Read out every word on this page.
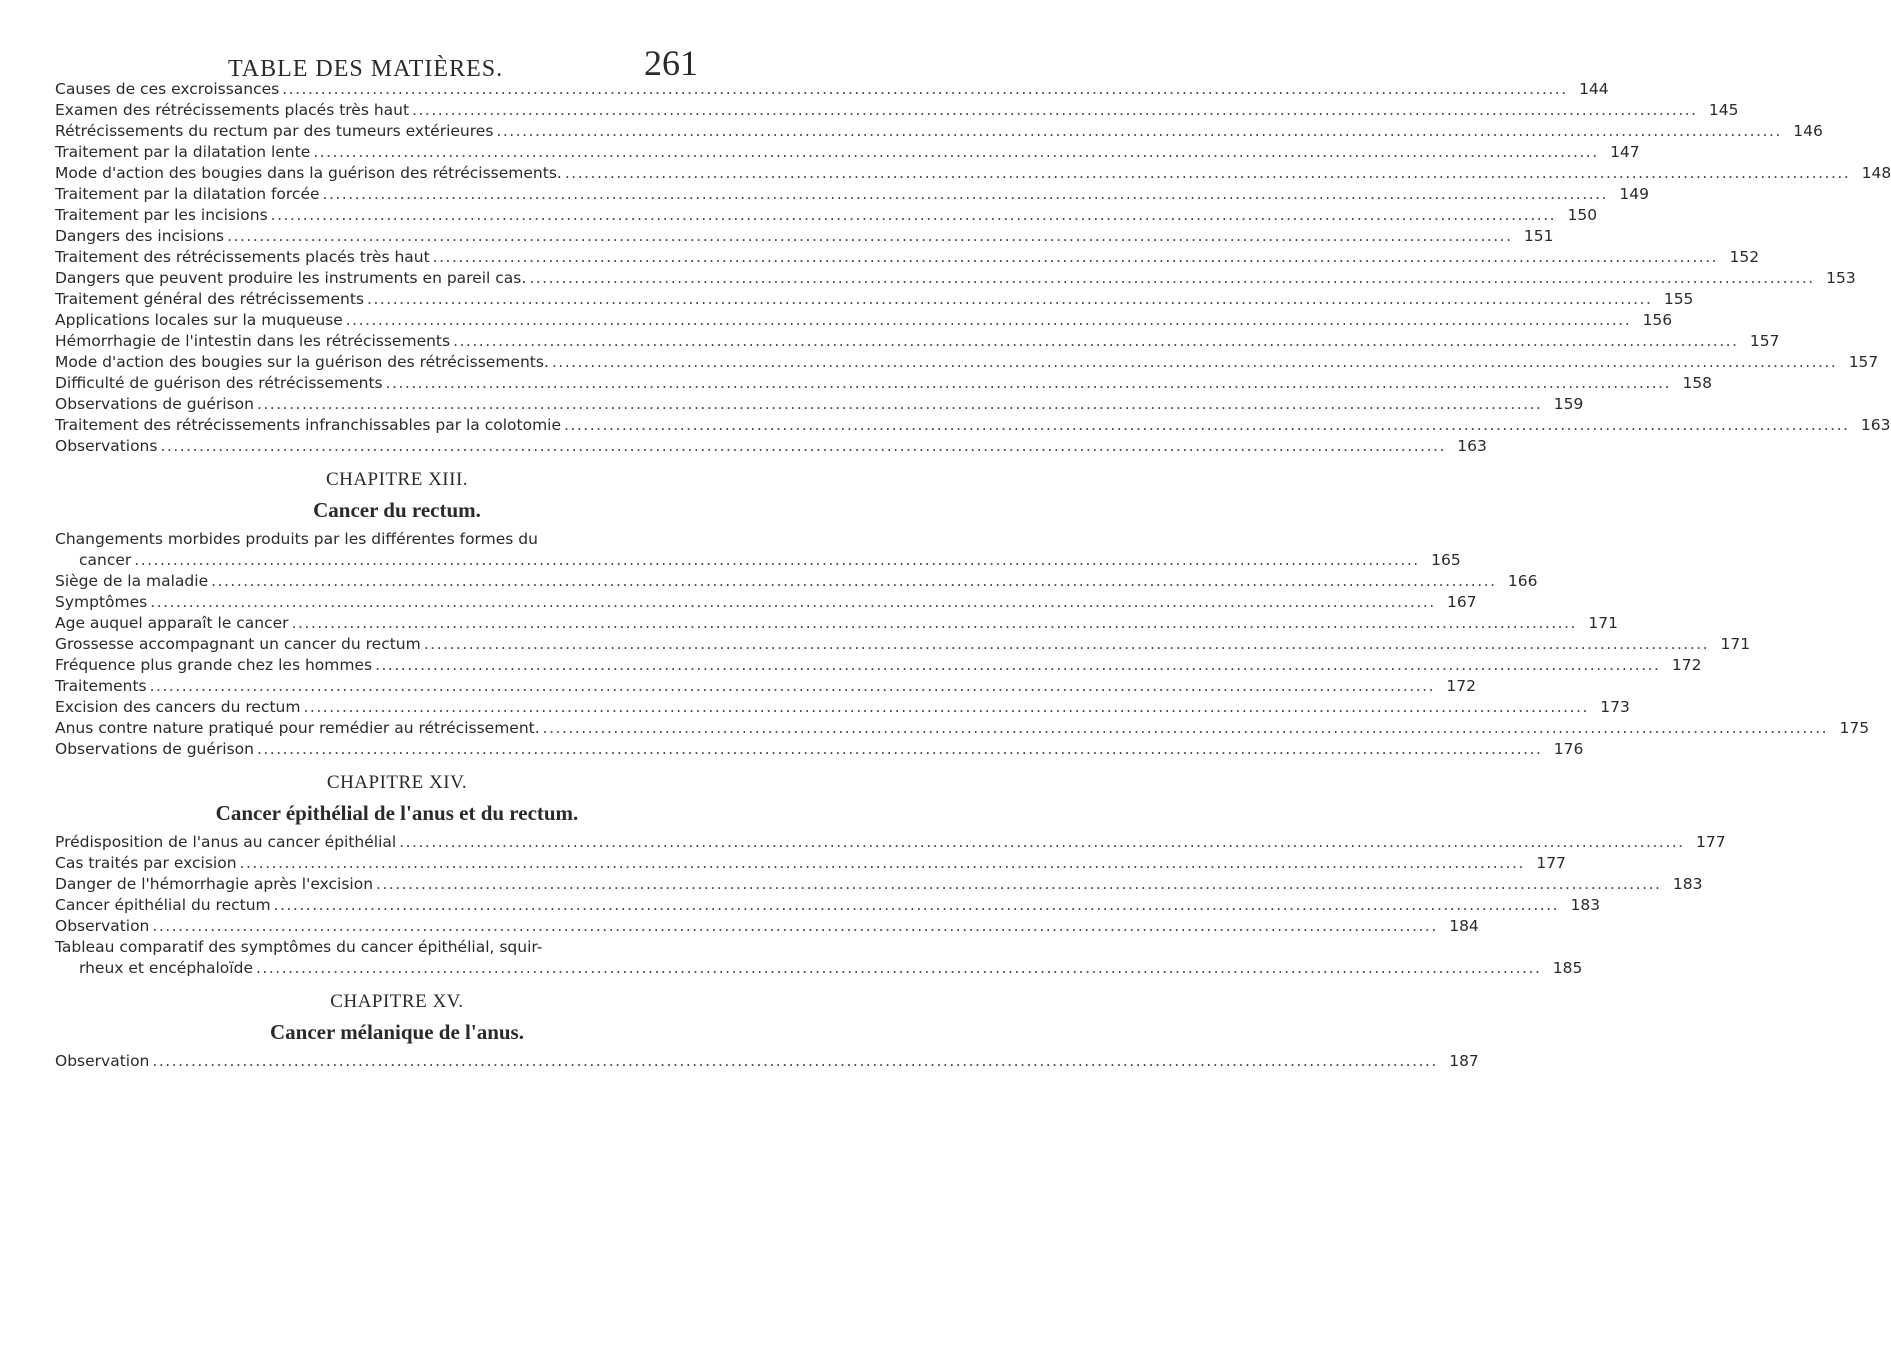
TABLE DES MATIÈRES.	261
Causes de ces excroissances ........................................................................................................................................................................................................ 144
Examen des rétrécissements placés très haut ........................................................................................................................................................................................................ 145
Rétrécissements du rectum par des tumeurs extérieures ........................................................................................................................................................................................................ 146
Traitement par la dilatation lente ........................................................................................................................................................................................................ 147
Mode d'action des bougies dans la guérison des rétrécissements. ........................................................................................................................................................................................................ 148
Traitement par la dilatation forcée ........................................................................................................................................................................................................ 149
Traitement par les incisions ........................................................................................................................................................................................................ 150
Dangers des incisions ........................................................................................................................................................................................................ 151
Traitement des rétrécissements placés très haut ........................................................................................................................................................................................................ 152
Dangers que peuvent produire les instruments en pareil cas. ........................................................................................................................................................................................................ 153
Traitement général des rétrécissements ........................................................................................................................................................................................................ 155
Applications locales sur la muqueuse ........................................................................................................................................................................................................ 156
Hémorrhagie de l'intestin dans les rétrécissements ........................................................................................................................................................................................................ 157
Mode d'action des bougies sur la guérison des rétrécissements. ........................................................................................................................................................................................................ 157
Difficulté de guérison des rétrécissements ........................................................................................................................................................................................................ 158
Observations de guérison ........................................................................................................................................................................................................ 159
Traitement des rétrécissements infranchissables par la colotomie ........................................................................................................................................................................................................ 163
Observations ........................................................................................................................................................................................................ 163
CHAPITRE XIII.
Cancer du rectum.
Changements morbides produits par les différentes formes du
cancer ........................................................................................................................................................................................................ 165
Siège de la maladie ........................................................................................................................................................................................................ 166
Symptômes ........................................................................................................................................................................................................ 167
Age auquel apparaît le cancer ........................................................................................................................................................................................................ 171
Grossesse accompagnant un cancer du rectum ........................................................................................................................................................................................................ 171
Fréquence plus grande chez les hommes ........................................................................................................................................................................................................ 172
Traitements ........................................................................................................................................................................................................ 172
Excision des cancers du rectum ........................................................................................................................................................................................................ 173
Anus contre nature pratiqué pour remédier au rétrécissement. ........................................................................................................................................................................................................ 175
Observations de guérison ........................................................................................................................................................................................................ 176
CHAPITRE XIV.
Cancer épithélial de l'anus et du rectum.
Prédisposition de l'anus au cancer épithélial ........................................................................................................................................................................................................ 177
Cas traités par excision ........................................................................................................................................................................................................ 177
Danger de l'hémorrhagie après l'excision ........................................................................................................................................................................................................ 183
Cancer épithélial du rectum ........................................................................................................................................................................................................ 183
Observation ........................................................................................................................................................................................................ 184
Tableau comparatif des symptômes du cancer épithélial, squir-
rheux et encéphaloïde ........................................................................................................................................................................................................ 185
CHAPITRE XV.
Cancer mélanique de l'anus.
Observation ........................................................................................................................................................................................................ 187
